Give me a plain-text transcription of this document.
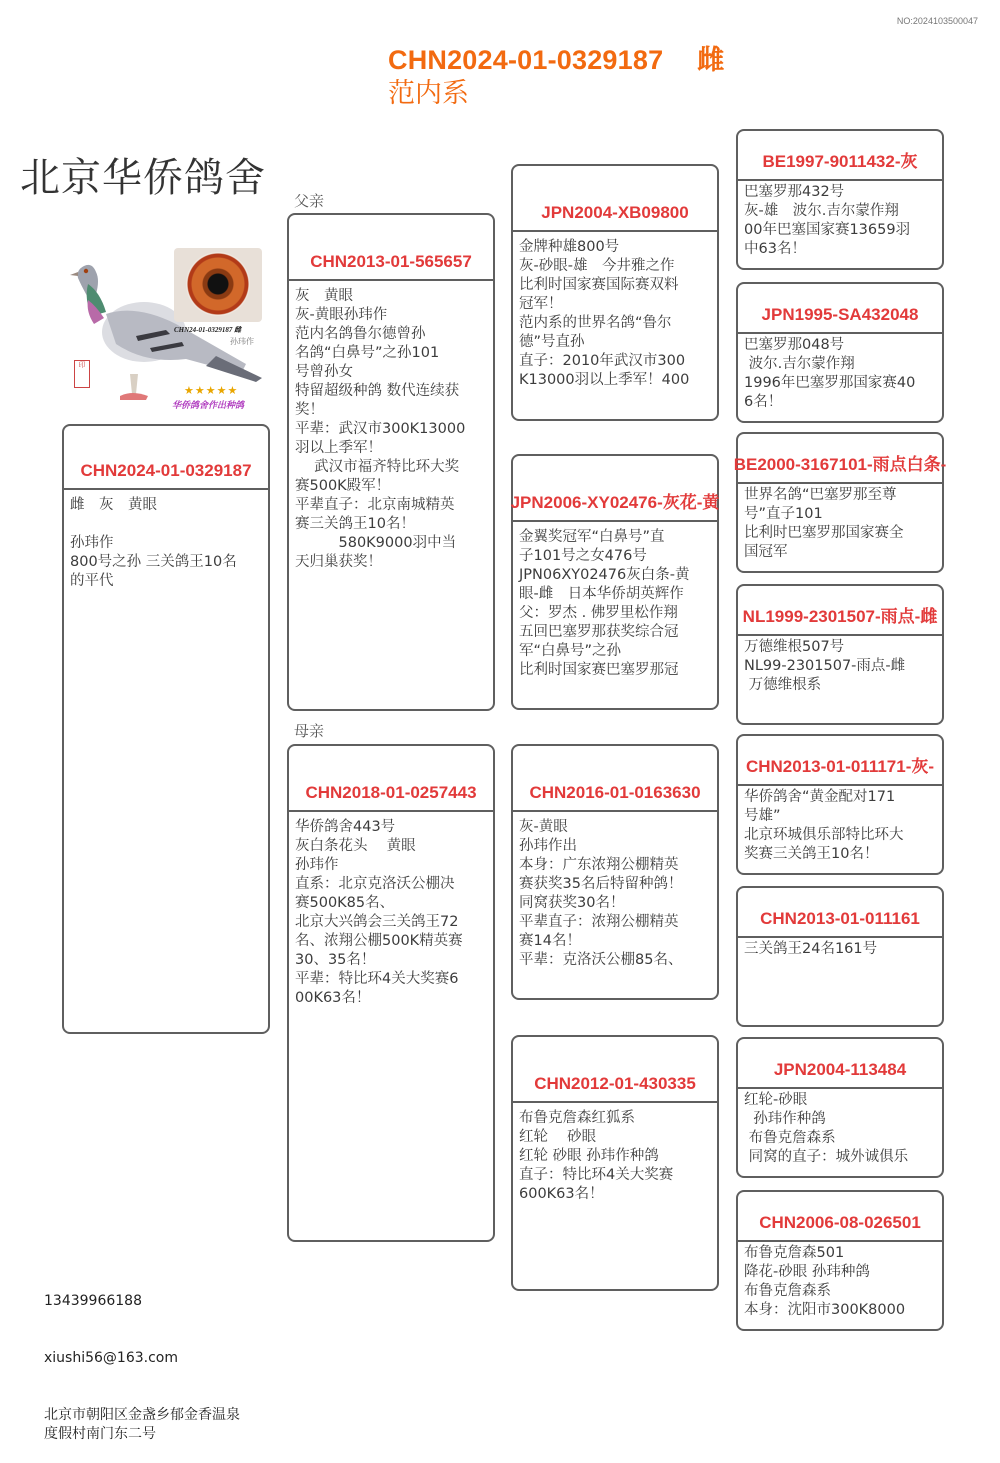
NO:2024103500047
CHN2024-01-0329187 雌
范内系
北京华侨鸽舍
CHN24-01-0329187 雌
孙玮作
★★★★★
华侨鸽舍作出种鸽
印
父亲
母亲
CHN2024-01-0329187
雌　灰　黄眼

孙玮作
800号之孙 三关鸽王10名
的平代
CHN2013-01-565657
灰　黄眼
灰-黄眼孙玮作
范内名鸽鲁尔德曾孙
名鸽“白鼻号”之孙101
号曾孙女
特留超级种鸽 数代连续获
奖！
平辈：武汉市300K13000
羽以上季军！
　 武汉市福齐特比环大奖
赛500K殿军！
平辈直子：北京南城精英
赛三关鸽王10名！
　　　580K9000羽中当
天归巢获奖！
CHN2018-01-0257443
华侨鸽舍443号
灰白条花头　 黄眼
孙玮作
直系：北京克洛沃公棚决
赛500K85名、
北京大兴鸽会三关鸽王72
名、浓翔公棚500K精英赛
30、35名！
平辈：特比环4关大奖赛6
00K63名！
JPN2004-XB09800
金牌种雄800号
灰-砂眼-雄　今井雅之作
比利时国家赛国际赛双料
冠军！
范内系的世界名鸽“鲁尔
德”号直孙
直子：2010年武汉市300
K13000羽以上季军！400
JPN2006-XY02476-灰花-黄
金翼奖冠军“白鼻号”直
子101号之女476号
JPN06XY02476灰白条-黄
眼-雌　日本华侨胡英辉作
父：罗杰 . 佛罗里松作翔
五回巴塞罗那获奖综合冠
军“白鼻号”之孙
比利时国家赛巴塞罗那冠
CHN2016-01-0163630
灰-黄眼
孙玮作出
本身：广东浓翔公棚精英
赛获奖35名后特留种鸽！
同窝获奖30名！
平辈直子：浓翔公棚精英
赛14名！
平辈：克洛沃公棚85名、
CHN2012-01-430335
布鲁克詹森红狐系
红轮　 砂眼
红轮 砂眼 孙玮作种鸽
直子：特比环4关大奖赛
600K63名！
BE1997-9011432-灰
巴塞罗那432号
灰-雄　波尔.吉尔蒙作翔
00年巴塞国家赛13659羽
中63名！
JPN1995-SA432048
巴塞罗那048号
波尔.吉尔蒙作翔
1996年巴塞罗那国家赛40
6名！
BE2000-3167101-雨点白条-
世界名鸽“巴塞罗那至尊
号”直子101
比利时巴塞罗那国家赛全
国冠军
NL1999-2301507-雨点-雌
万德维根507号
NL99-2301507-雨点-雌
万德维根系
CHN2013-01-011171-灰-
华侨鸽舍“黄金配对171
号雄”
北京环城俱乐部特比环大
奖赛三关鸽王10名！
CHN2013-01-011161
三关鸽王24名161号
JPN2004-113484
红轮-砂眼
孙玮作种鸽
布鲁克詹森系
同窝的直子：城外诚俱乐
CHN2006-08-026501
布鲁克詹森501
降花-砂眼 孙玮种鸽
布鲁克詹森系
本身：沈阳市300K8000

13439966188

xiushi56@163.com

北京市朝阳区金盏乡郁金香温泉
度假村南门东二号
